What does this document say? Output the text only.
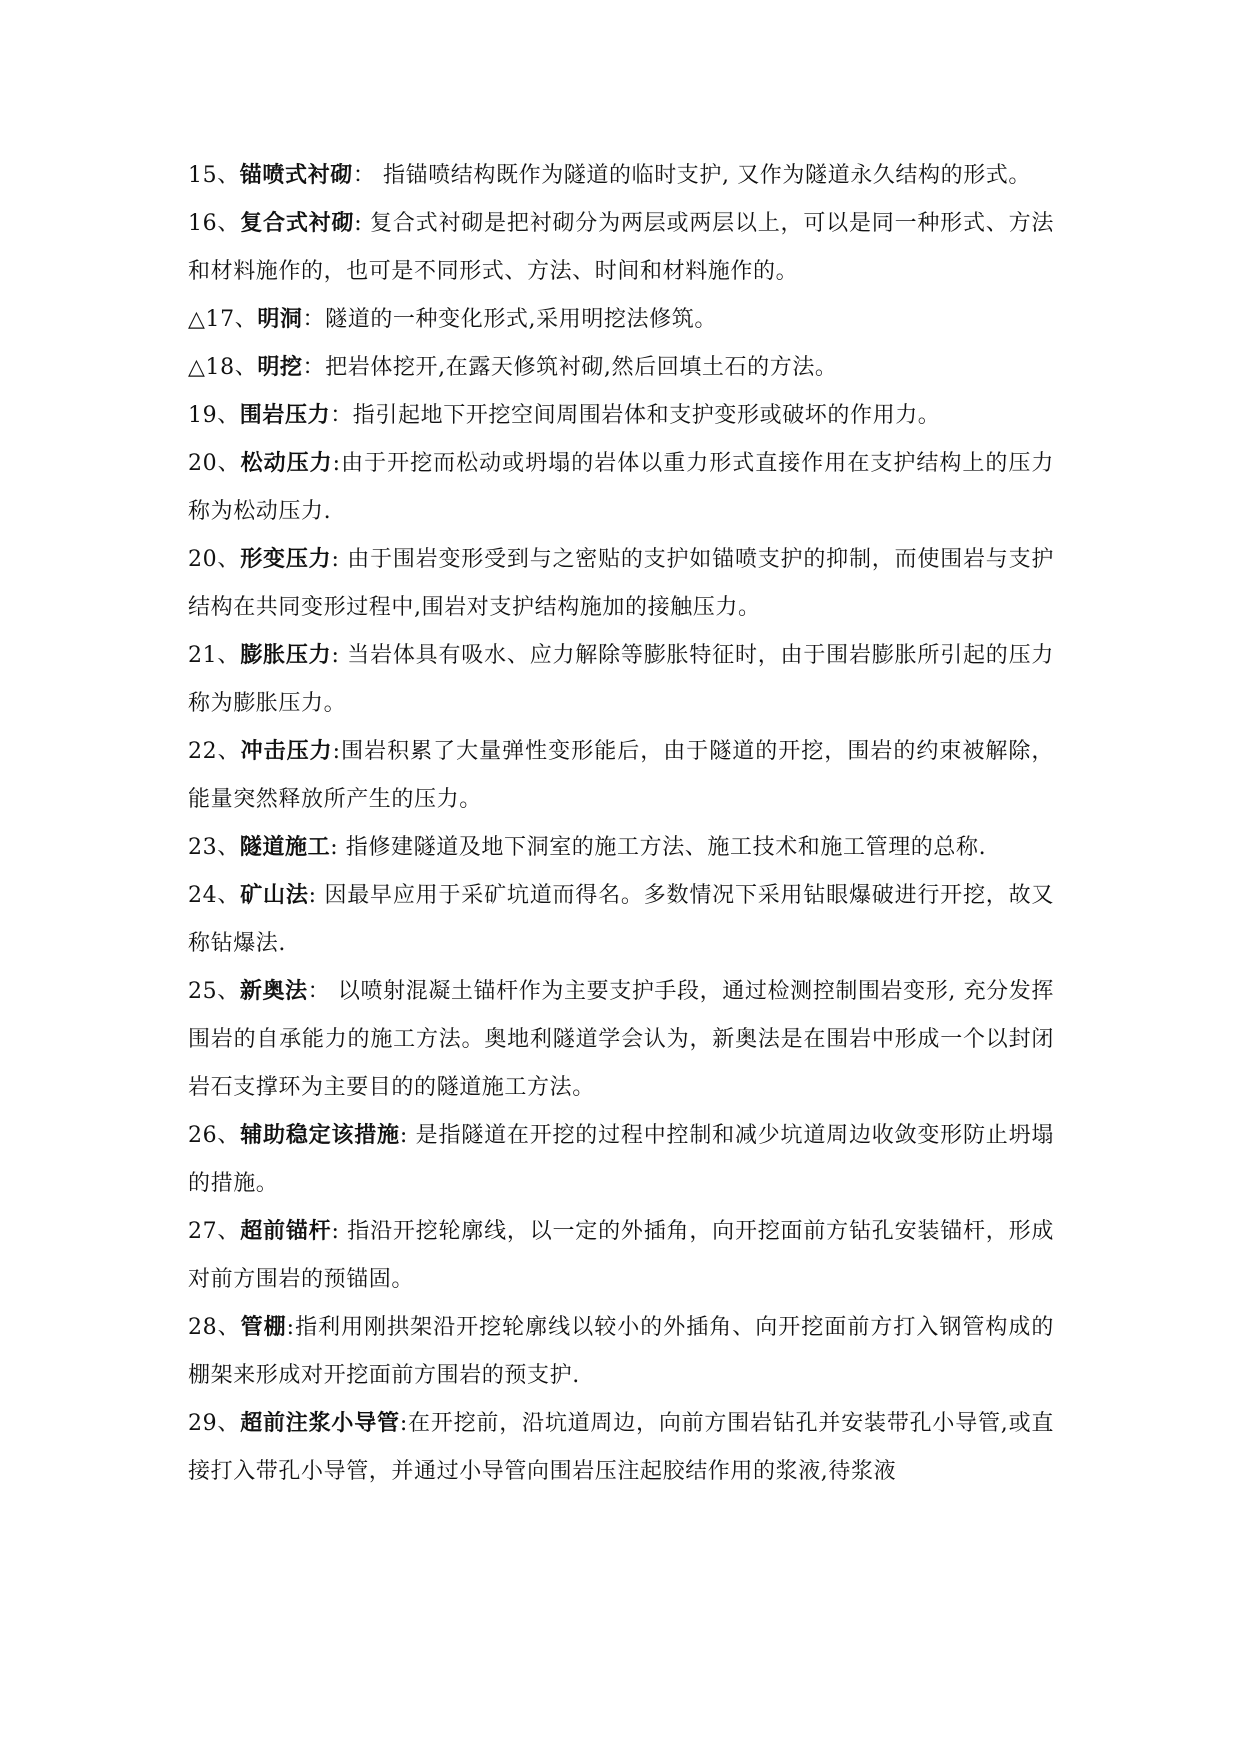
15、锚喷式衬砌： 指锚喷结构既作为隧道的临时支护, 又作为隧道永久结构的形式。

16、复合式衬砌: 复合式衬砌是把衬砌分为两层或两层以上，可以是同一种形式、方法和材料施作的，也可是不同形式、方法、时间和材料施作的。

△17、明洞：隧道的一种变化形式,采用明挖法修筑。

△18、明挖：把岩体挖开,在露天修筑衬砌,然后回填土石的方法。

19、围岩压力：指引起地下开挖空间周围岩体和支护变形或破坏的作用力。

20、松动压力:由于开挖而松动或坍塌的岩体以重力形式直接作用在支护结构上的压力称为松动压力.

20、形变压力: 由于围岩变形受到与之密贴的支护如锚喷支护的抑制，而使围岩与支护结构在共同变形过程中,围岩对支护结构施加的接触压力。

21、膨胀压力: 当岩体具有吸水、应力解除等膨胀特征时，由于围岩膨胀所引起的压力称为膨胀压力。

22、冲击压力:围岩积累了大量弹性变形能后，由于隧道的开挖，围岩的约束被解除，能量突然释放所产生的压力。

23、隧道施工: 指修建隧道及地下洞室的施工方法、施工技术和施工管理的总称.

24、矿山法: 因最早应用于采矿坑道而得名。多数情况下采用钻眼爆破进行开挖，故又称钻爆法.

25、新奥法： 以喷射混凝土锚杆作为主要支护手段，通过检测控制围岩变形, 充分发挥围岩的自承能力的施工方法。奥地利隧道学会认为，新奥法是在围岩中形成一个以封闭岩石支撑环为主要目的的隧道施工方法。

26、辅助稳定该措施: 是指隧道在开挖的过程中控制和减少坑道周边收敛变形防止坍塌的措施。

27、超前锚杆: 指沿开挖轮廓线，以一定的外插角，向开挖面前方钻孔安装锚杆，形成对前方围岩的预锚固。

28、管棚:指利用刚拱架沿开挖轮廓线以较小的外插角、向开挖面前方打入钢管构成的棚架来形成对开挖面前方围岩的预支护.

29、超前注浆小导管:在开挖前，沿坑道周边，向前方围岩钻孔并安装带孔小导管,或直接打入带孔小导管，并通过小导管向围岩压注起胶结作用的浆液,待浆液
